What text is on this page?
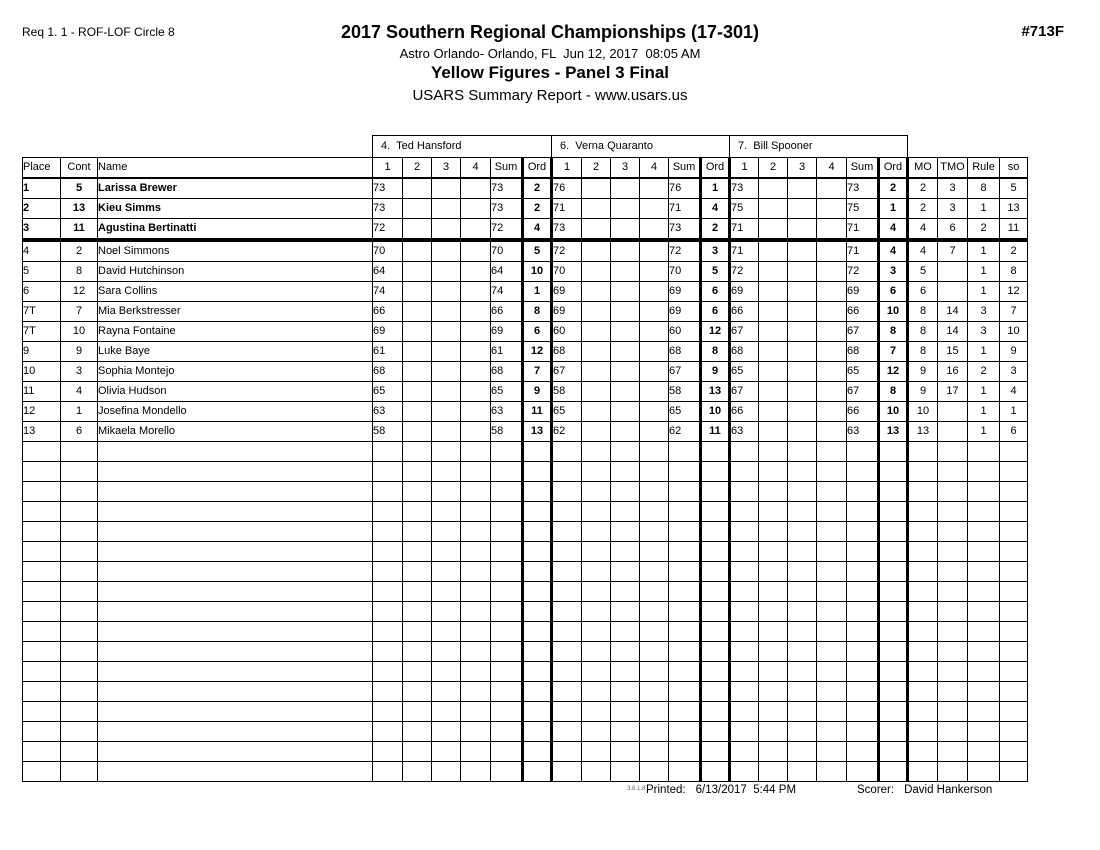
Req 1. 1 - ROF-LOF Circle 8	2017 Southern Regional Championships (17-301)	#713F
Astro Orlando- Orlando, FL  Jun 12, 2017  08:05 AM
Yellow Figures - Panel 3 Final
USARS Summary Report - www.usars.us
			4.  Ted Hansford						6.  Verna Quaranto						7.  Bill Spooner									
Place	Cont	Name	1	2	3	4	Sum	Ord	1	2	3	4	Sum	Ord	1	2	3	4	Sum	Ord	MO	TMO	Rule	so
1	5	Larissa Brewer	73				73	2	76				76	1	73				73	2	2	3	8	5
2	13	Kieu Simms	73				73	2	71				71	4	75				75	1	2	3	1	13
3	11	Agustina Bertinatti	72				72	4	73				73	2	71				71	4	4	6	2	11
4	2	Noel Simmons	70				70	5	72				72	3	71				71	4	4	7	1	2
5	8	David Hutchinson	64				64	10	70				70	5	72				72	3	5		1	8
6	12	Sara Collins	74				74	1	69				69	6	69				69	6	6		1	12
7T	7	Mia Berkstresser	66				66	8	69				69	6	66				66	10	8	14	3	7
7T	10	Rayna Fontaine	69				69	6	60				60	12	67				67	8	8	14	3	10
9	9	Luke Baye	61				61	12	68				68	8	68				68	7	8	15	1	9
10	3	Sophia Montejo	68				68	7	67				67	9	65				65	12	9	16	2	3
11	4	Olivia Hudson	65				65	9	58				58	13	67				67	8	9	17	1	4
12	1	Josefina Mondello	63				63	11	65				65	10	66				66	10	10		1	1
13	6	Mikaela Morello	58				58	13	62				62	11	63				63	13	13		1	6

3.8.1.8 Printed: 6/13/2017  5:44 PM	Scorer: David Hankerson
